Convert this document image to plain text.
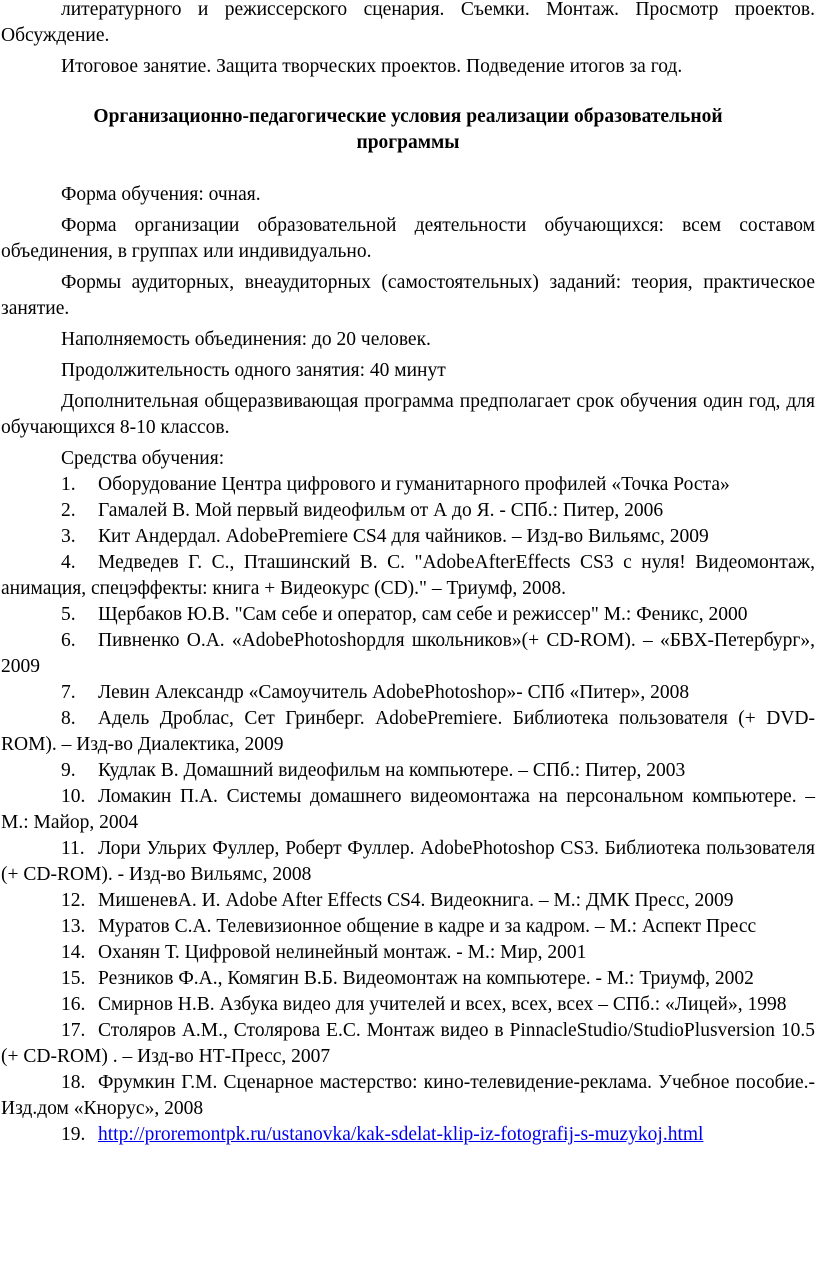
литературного и режиссерского сценария. Съемки. Монтаж. Просмотр проектов. Обсуждение.

Итоговое занятие. Защита творческих проектов. Подведение итогов за год.

Организационно-педагогические условия реализации образовательной программы

Форма обучения: очная.

Форма организации образовательной деятельности обучающихся: всем составом объединения, в группах или индивидуально.

Формы аудиторных, внеаудиторных (самостоятельных) заданий: теория, практическое занятие.

Наполняемость объединения: до 20 человек.

Продолжительность одного занятия: 40 минут

Дополнительная общеразвивающая программа предполагает срок обучения один год, для обучающихся 8-10 классов.

Средства обучения:

1. Оборудование Центра цифрового и гуманитарного профилей «Точка Роста»

2. Гамалей В. Мой первый видеофильм от А до Я. - СПб.: Питер, 2006

3. Кит Андердал. AdobePremiere CS4 для чайников. – Изд-во Вильямс, 2009

4. Медведев Г. С., Пташинский В. С. "AdobeAfterEffects CS3 с нуля! Видеомонтаж, анимация, спецэффекты: книга + Видеокурс (CD)." – Триумф, 2008.

5. Щербаков Ю.В. "Сам себе и оператор, сам себе и режиссер" М.: Феникс, 2000

6. Пивненко О.А. «AdobePhotoshopдля школьников»(+ CD-ROM). – «БВХ-Петербург», 2009

7. Левин Александр «Самоучитель AdobePhotoshop»- СПб «Питер», 2008

8. Адель Дроблас, Сет Гринберг. AdobePremiere. Библиотека пользователя (+ DVD-ROM). – Изд-во Диалектика, 2009

9. Кудлак В. Домашний видеофильм на компьютере. – СПб.: Питер, 2003

10. Ломакин П.А. Системы домашнего видеомонтажа на персональном компьютере. – М.: Майор, 2004

11. Лори Ульрих Фуллер, Роберт Фуллер. AdobePhotoshop CS3. Библиотека пользователя (+ CD-ROM). - Изд-во Вильямс, 2008

12. МишеневА. И. Adobe After Effects CS4. Видеокнига. – М.: ДМК Пресс, 2009

13. Муратов С.А. Телевизионное общение в кадре и за кадром. – М.: Аспект Пресс

14. Оханян Т. Цифровой нелинейный монтаж. - М.: Мир, 2001

15. Резников Ф.А., Комягин В.Б. Видеомонтаж на компьютере. - М.: Триумф, 2002

16. Смирнов Н.В. Азбука видео для учителей и всех, всех, всех – СПб.: «Лицей», 1998

17. Столяров А.М., Столярова Е.С. Монтаж видео в PinnacleStudio/StudioPlusversion 10.5 (+ CD-ROM) . – Изд-во НТ-Пресс, 2007

18. Фрумкин Г.М. Сценарное мастерство: кино-телевидение-реклама. Учебное пособие.- Изд.дом «Кнорус», 2008

19. http://proremontpk.ru/ustanovka/kak-sdelat-klip-iz-fotografij-s-muzykoj.html
